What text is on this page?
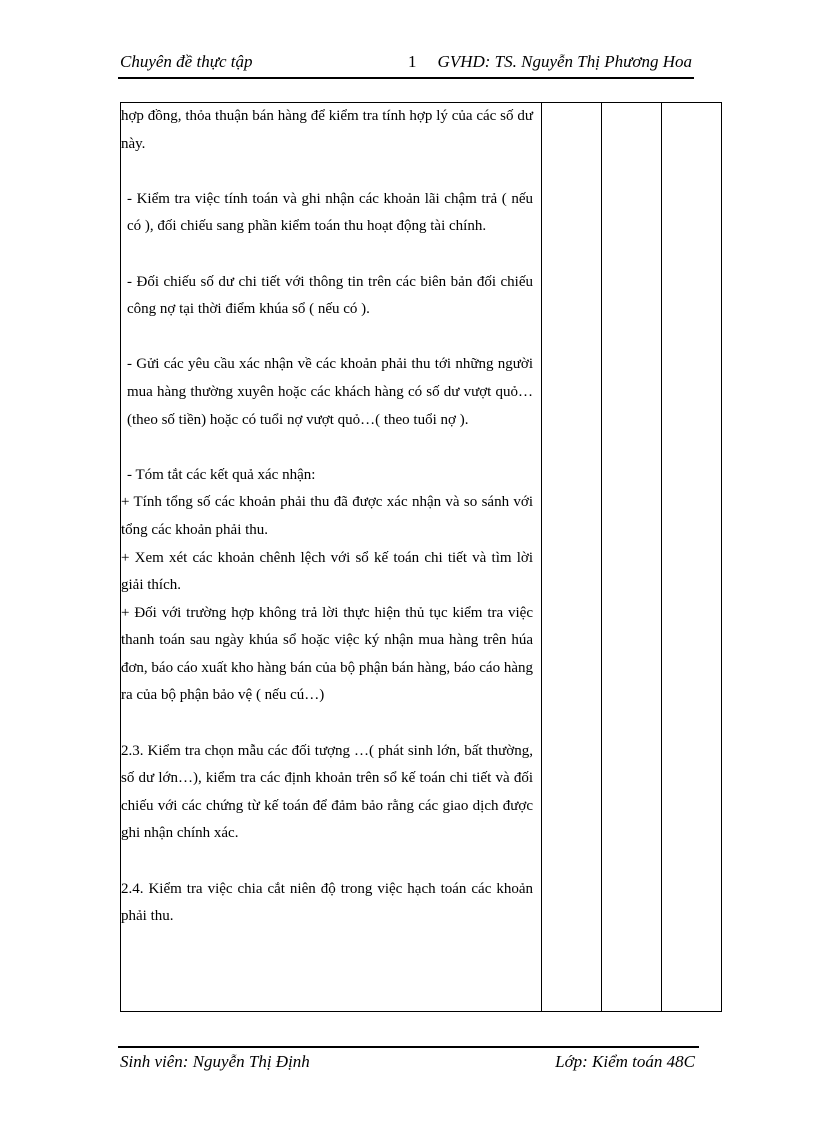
Chuyên đề thực tập	1 GVHD: TS. Nguyễn Thị Phương Hoa

hợp đồng, thỏa thuận bán hàng để kiểm tra tính hợp lý của các số dư này.

- Kiểm tra việc tính toán và ghi nhận các khoản lãi chậm trả ( nếu có ), đối chiếu sang phần kiểm toán thu hoạt động tài chính.

- Đối chiếu số dư chi tiết với thông tin trên các biên bản đối chiếu công nợ tại thời điểm khúa sổ ( nếu có ).

- Gửi các yêu cầu xác nhận về các khoản phải thu tới những người mua hàng thường xuyên hoặc các khách hàng có số dư vượt quỏ…(theo số tiền) hoặc có tuổi nợ vượt quỏ…( theo tuổi nợ ).

- Tóm tắt các kết quả xác nhận:

+ Tính tổng số các khoản phải thu đã được xác nhận và so sánh với tổng các khoản phải thu.

+ Xem xét các khoản chênh lệch với sổ kế toán chi tiết và tìm lời giải thích.

+ Đối với trường hợp không trả lời thực hiện thủ tục kiểm tra việc thanh toán sau ngày khúa sổ hoặc việc ký nhận mua hàng trên húa đơn, báo cáo xuất kho hàng bán của bộ phận bán hàng, báo cáo hàng ra của bộ phận bảo vệ ( nếu cú…)

2.3. Kiểm tra chọn mẫu các đối tượng …( phát sinh lớn, bất thường, số dư lớn…), kiểm tra các định khoản trên sổ kế toán chi tiết và đối chiếu với các chứng từ kế toán để đảm bảo rằng các giao dịch được ghi nhận chính xác.

2.4. Kiểm tra việc chia cắt niên độ trong việc hạch toán các khoản phải thu.

Sinh viên: Nguyễn Thị Định	Lớp: Kiểm toán 48C
